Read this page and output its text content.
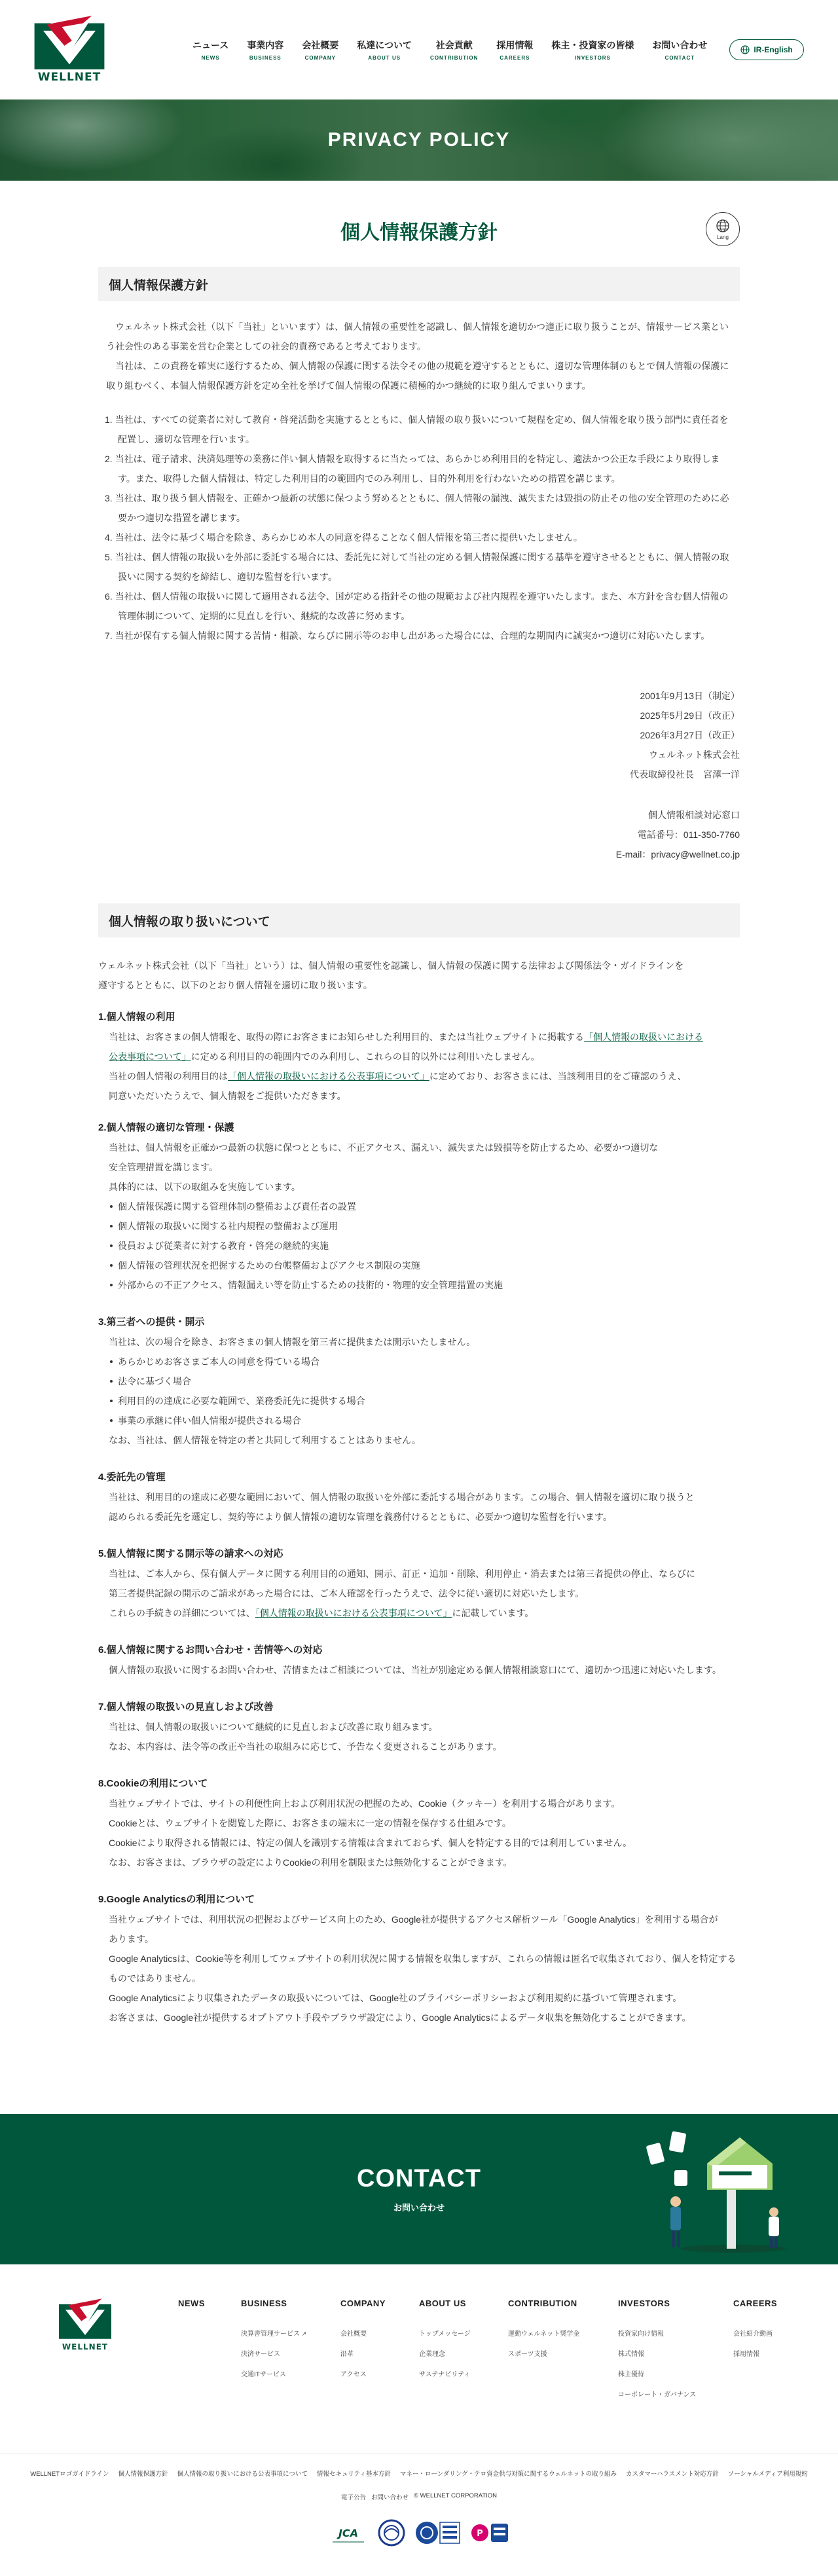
WELLNET
ニュース
NEWS
事業内容
BUSINESS
会社概要
COMPANY
私達について
ABOUT US
社会貢献
CONTRIBUTION
採用情報
CAREERS
株主・投資家の皆様
INVESTORS
お問い合わせ
CONTACT
IR-English
PRIVACY POLICY
個人情報保護方針	Lang
個人情報保護方針

ウェルネット株式会社（以下「当社」といいます）は、個人情報の重要性を認識し、個人情報を適切かつ適正に取り扱うことが、情報サービス業という社会性のある事業を営む企業としての社会的責務であると考えております。

当社は、この責務を確実に遂行するため、個人情報の保護に関する法令その他の規範を遵守するとともに、適切な管理体制のもとで個人情報の保護に取り組むべく、本個人情報保護方針を定め全社を挙げて個人情報の保護に積極的かつ継続的に取り組んでまいります。

1. 当社は、すべての従業者に対して教育・啓発活動を実施するとともに、個人情報の取り扱いについて規程を定め、個人情報を取り扱う部門に責任者を配置し、適切な管理を行います。
2. 当社は、電子請求、決済処理等の業務に伴い個人情報を取得するに当たっては、あらかじめ利用目的を特定し、適法かつ公正な手段により取得します。また、取得した個人情報は、特定した利用目的の範囲内でのみ利用し、目的外利用を行わないための措置を講じます。
3. 当社は、取り扱う個人情報を、正確かつ最新の状態に保つよう努めるとともに、個人情報の漏洩、滅失または毀損の防止その他の安全管理のために必要かつ適切な措置を講じます。
4. 当社は、法令に基づく場合を除き、あらかじめ本人の同意を得ることなく個人情報を第三者に提供いたしません。
5. 当社は、個人情報の取扱いを外部に委託する場合には、委託先に対して当社の定める個人情報保護に関する基準を遵守させるとともに、個人情報の取扱いに関する契約を締結し、適切な監督を行います。
6. 当社は、個人情報の取扱いに関して適用される法令、国が定める指針その他の規範および社内規程を遵守いたします。また、本方針を含む個人情報の管理体制について、定期的に見直しを行い、継続的な改善に努めます。
7. 当社が保有する個人情報に関する苦情・相談、ならびに開示等のお申し出があった場合には、合理的な期間内に誠実かつ適切に対応いたします。
2001年9月13日（制定）
2025年5月29日（改正）
2026年3月27日（改正）
ウェルネット株式会社
代表取締役社長　宮澤一洋
個人情報相談対応窓口
電話番号：011-350-7760
E-mail：privacy@wellnet.co.jp
個人情報の取り扱いについて

ウェルネット株式会社（以下「当社」という）は、個人情報の重要性を認識し、個人情報の保護に関する法律および関係法令・ガイドラインを

遵守するとともに、以下のとおり個人情報を適切に取り扱います。

1.個人情報の利用

当社は、お客さまの個人情報を、取得の際にお客さまにお知らせした利用目的、または当社ウェブサイトに掲載する「個人情報の取扱いにおける

公表事項について」に定める利用目的の範囲内でのみ利用し、これらの目的以外には利用いたしません。

当社の個人情報の利用目的は「個人情報の取扱いにおける公表事項について」に定めており、お客さまには、当該利用目的をご確認のうえ、

同意いただいたうえで、個人情報をご提供いただきます。

2.個人情報の適切な管理・保護

当社は、個人情報を正確かつ最新の状態に保つとともに、不正アクセス、漏えい、滅失または毀損等を防止するため、必要かつ適切な

安全管理措置を講じます。

具体的には、以下の取組みを実施しています。

個人情報保護に関する管理体制の整備および責任者の設置
個人情報の取扱いに関する社内規程の整備および運用
役員および従業者に対する教育・啓発の継続的実施
個人情報の管理状況を把握するための台帳整備およびアクセス制限の実施
外部からの不正アクセス、情報漏えい等を防止するための技術的・物理的安全管理措置の実施
3.第三者への提供・開示

当社は、次の場合を除き、お客さまの個人情報を第三者に提供または開示いたしません。

あらかじめお客さまご本人の同意を得ている場合
法令に基づく場合
利用目的の達成に必要な範囲で、業務委託先に提供する場合
事業の承継に伴い個人情報が提供される場合

なお、当社は、個人情報を特定の者と共同して利用することはありません。

4.委託先の管理

当社は、利用目的の達成に必要な範囲において、個人情報の取扱いを外部に委託する場合があります。この場合、個人情報を適切に取り扱うと

認められる委託先を選定し、契約等により個人情報の適切な管理を義務付けるとともに、必要かつ適切な監督を行います。

5.個人情報に関する開示等の請求への対応

当社は、ご本人から、保有個人データに関する利用目的の通知、開示、訂正・追加・削除、利用停止・消去または第三者提供の停止、ならびに

第三者提供記録の開示のご請求があった場合には、ご本人確認を行ったうえで、法令に従い適切に対応いたします。

これらの手続きの詳細については、「個人情報の取扱いにおける公表事項について」に記載しています。

6.個人情報に関するお問い合わせ・苦情等への対応

個人情報の取扱いに関するお問い合わせ、苦情またはご相談については、当社が別途定める個人情報相談窓口にて、適切かつ迅速に対応いたします。

7.個人情報の取扱いの見直しおよび改善

当社は、個人情報の取扱いについて継続的に見直しおよび改善に取り組みます。

なお、本内容は、法令等の改正や当社の取組みに応じて、予告なく変更されることがあります。

8.Cookieの利用について

当社ウェブサイトでは、サイトの利便性向上および利用状況の把握のため、Cookie（クッキー）を利用する場合があります。

Cookieとは、ウェブサイトを閲覧した際に、お客さまの端末に一定の情報を保存する仕組みです。

Cookieにより取得される情報には、特定の個人を識別する情報は含まれておらず、個人を特定する目的では利用していません。

なお、お客さまは、ブラウザの設定によりCookieの利用を制限または無効化することができます。

9.Google Analyticsの利用について

当社ウェブサイトでは、利用状況の把握およびサービス向上のため、Google社が提供するアクセス解析ツール「Google Analytics」を利用する場合が

あります。

Google Analyticsは、Cookie等を利用してウェブサイトの利用状況に関する情報を収集しますが、これらの情報は匿名で収集されており、個人を特定する

ものではありません。

Google Analyticsにより収集されたデータの取扱いについては、Google社のプライバシーポリシーおよび利用規約に基づいて管理されます。

お客さまは、Google社が提供するオプトアウト手段やブラウザ設定により、Google Analyticsによるデータ収集を無効化することができます。

CONTACT
お問い合わせ
WELLNET
NEWS	BUSINESS
決算書管理サービス ↗
決済サービス
交通ITサービス
COMPANY
会社概要
沿革
アクセス
ABOUT US
トップメッセージ
企業理念
サステナビリティ
CONTRIBUTION
運動ウェルネット奨学金
スポーツ支援
INVESTORS
投資家向け情報
株式情報
株主優待
コーポレート・ガバナンス
CAREERS
会社紹介動画
採用情報
WELLNETロゴガイドライン 個人情報保護方針 個人情報の取り扱いにおける公表事項について 情報セキュリティ基本方針 マネー・ローンダリング・テロ資金供与対策に関するウェルネットの取り組み カスタマーハラスメント対応方針 ソーシャルメディア利用規約
電子公告 お問い合わせ © WELLNET CORPORATION
JCA	P
